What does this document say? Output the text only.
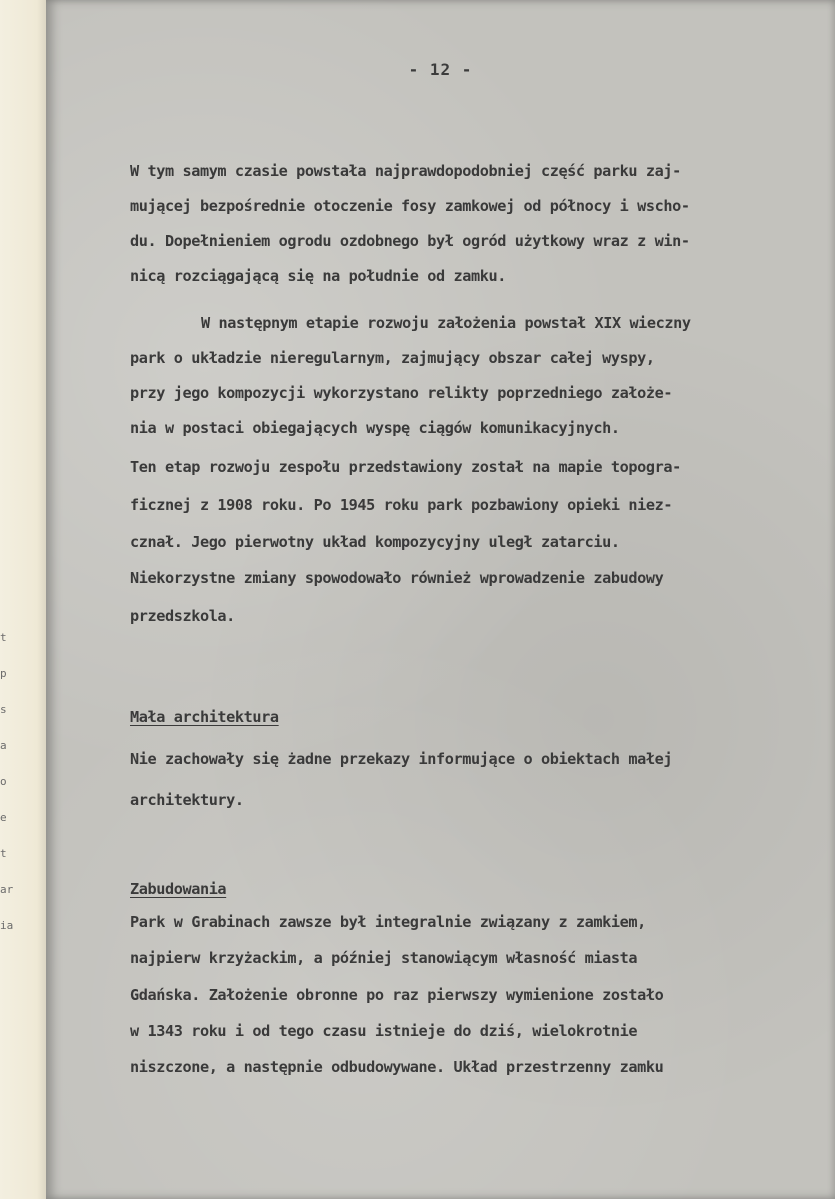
t
p
s
a
o
e
t
ar
ia
- 12 -
W tym samym czasie powstała najprawdopodobniej część parku zaj-
mującej bezpośrednie otoczenie fosy zamkowej od północy i wscho-
du. Dopełnieniem ogrodu ozdobnego był ogród użytkowy wraz z win-
nicą rozciągającą się na południe od zamku.
W następnym etapie rozwoju założenia powstał XIX wieczny
park o układzie nieregularnym, zajmujący obszar całej wyspy,
przy jego kompozycji wykorzystano relikty poprzedniego założe-
nia w postaci obiegających wyspę ciągów komunikacyjnych.
Ten etap rozwoju zespołu przedstawiony został na mapie topogra-
ficznej z 1908 roku. Po 1945 roku park pozbawiony opieki niez-
cznał. Jego pierwotny układ kompozycyjny uległ zatarciu.
Niekorzystne zmiany spowodowało również wprowadzenie zabudowy
przedszkola.
Mała architektura
Nie zachowały się żadne przekazy informujące o obiektach małej
architektury.
Zabudowania
Park w Grabinach zawsze był integralnie związany z zamkiem,
najpierw krzyżackim, a później stanowiącym własność miasta
Gdańska. Założenie obronne po raz pierwszy wymienione zostało
w 1343 roku i od tego czasu istnieje do dziś, wielokrotnie
niszczone, a następnie odbudowywane. Układ przestrzenny zamku
